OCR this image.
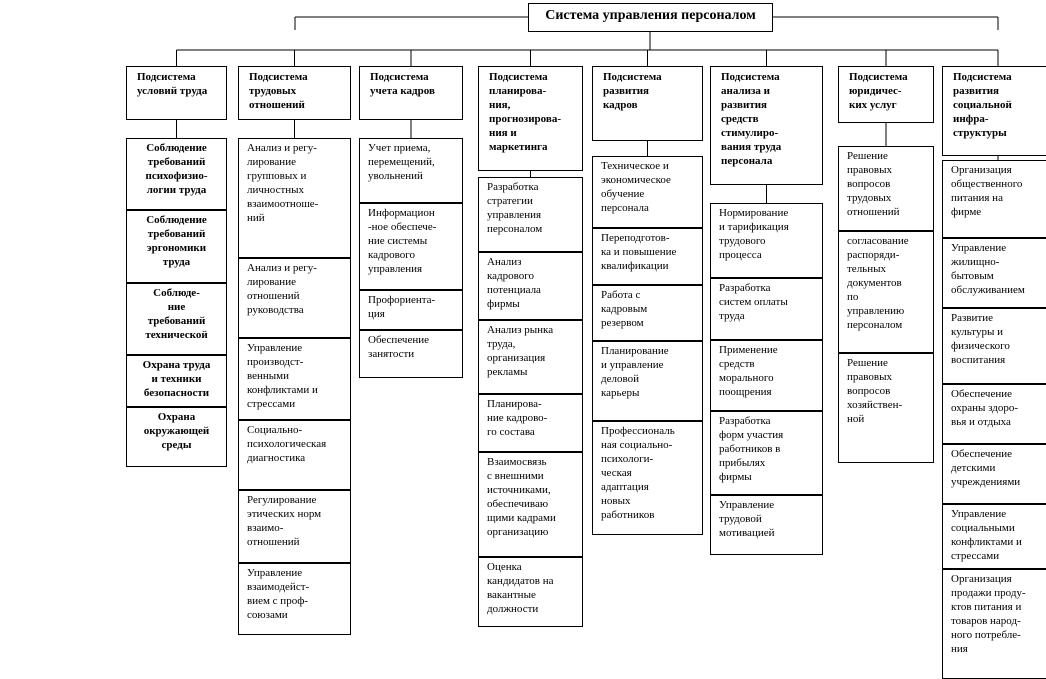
Система управления персоналом
Подсистема
условий труда
Соблюдение
требований
психофизио-
логии труда
Соблюдение
требований
эргономики
труда
Соблюде-
ние
требований
технической
Охрана труда
и техники
безопасности
Охрана
окружающей
среды
Подсистема
трудовых
отношений
Анализ и регу-
лирование
групповых и
личностных
взаимоотноше-
ний
Анализ и регу-
лирование
отношений
руководства
Управление
производст-
венными
конфликтами и
стрессами
Социально-
психологическая
диагностика
Регулирование
этических норм
взаимо-
отношений
Управление
взаимодейст-
вием с проф-
союзами
Подсистема
учета кадров
Учет приема,
перемещений,
увольнений
Информацион
-ное обеспече-
ние системы
кадрового
управления
Профориента-
ция
Обеспечение
занятости
Подсистема
планирова-
ния,
прогнозирова-
ния и
маркетинга
Разработка
стратегии
управления
персоналом
Анализ
кадрового
потенциала
фирмы
Анализ рынка
труда,
организация
рекламы
Планирова-
ние кадрово-
го состава
Взаимосвязь
с внешними
источниками,
обеспечиваю
щими кадрами
организацию
Оценка
кандидатов на
вакантные
должности
Подсистема
развития
кадров
Техническое и
экономическое
обучение
персонала
Переподготов-
ка и повышение
квалификации
Работа с
кадровым
резервом
Планирование
и управление
деловой
карьеры
Профессиональ
ная социально-
психологи-
ческая
адаптация
новых
работников
Подсистема
анализа и
развития
средств
стимулиро-
вания труда
персонала
Нормирование
и тарификация
трудового
процесса
Разработка
систем оплаты
труда
Применение
средств
морального
поощрения
Разработка
форм участия
работников в
прибылях
фирмы
Управление
трудовой
мотивацией
Подсистема
юридичес-
ких услуг
Решение
правовых
вопросов
трудовых
отношений
согласование
распоряди-
тельных
документов
по
управлению
персоналом
Решение
правовых
вопросов
хозяйствен-
ной
Подсистема
развития
социальной
инфра-
структуры
Организация
общественного
питания на
фирме
Управление
жилищно-
бытовым
обслуживанием
Развитие
культуры и
физического
воспитания
Обеспечение
охраны здоро-
вья и отдыха
Обеспечение
детскими
учреждениями
Управление
социальными
конфликтами и
стрессами
Организация
продажи проду-
ктов питания и
товаров народ-
ного потребле-
ния
